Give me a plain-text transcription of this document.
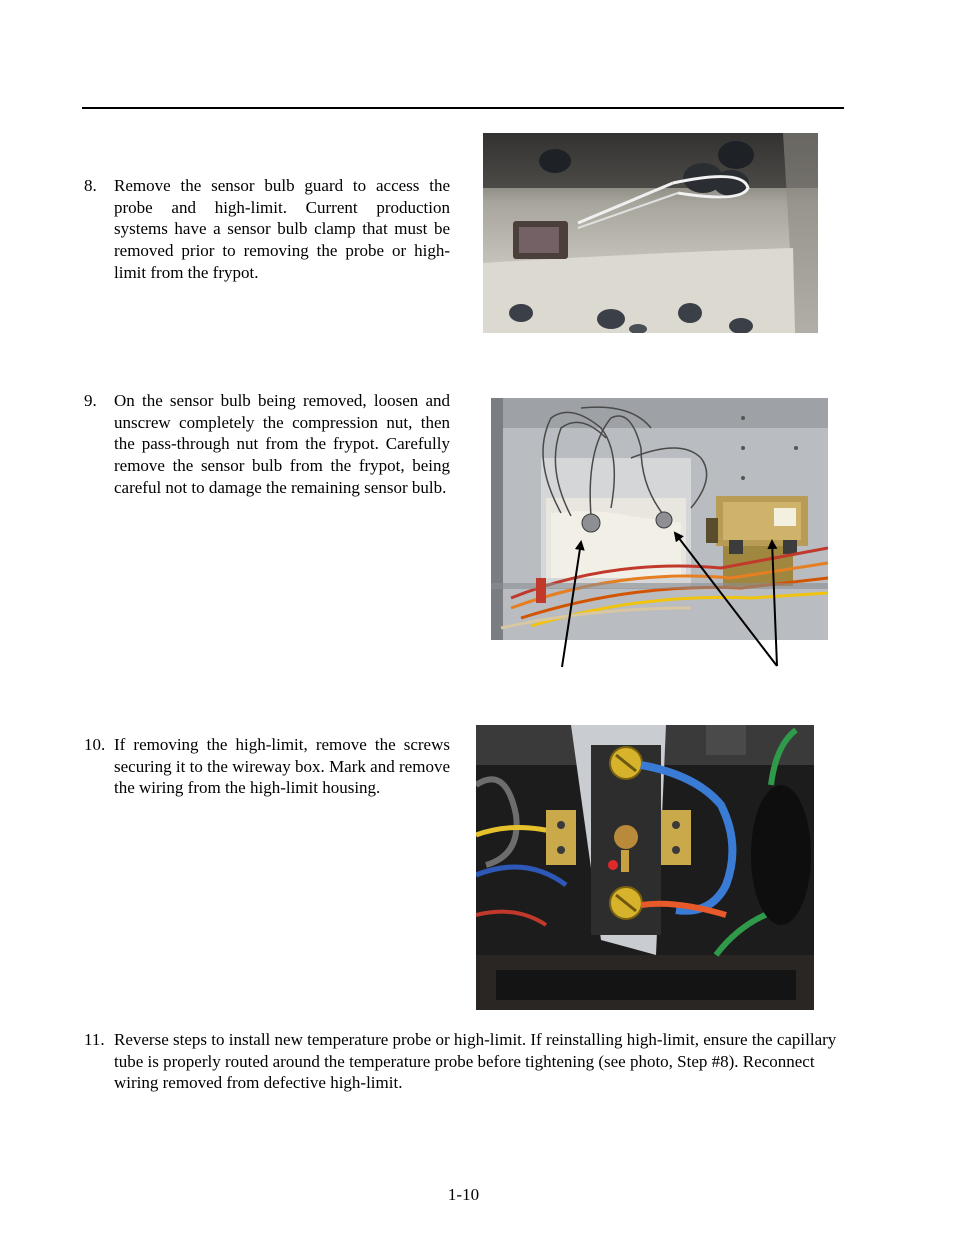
8. Remove the sensor bulb guard to access the probe and high-limit. Current production systems have a sensor bulb clamp that must be removed prior to removing the probe or high-limit from the frypot.
9. On the sensor bulb being removed, loosen and unscrew completely the compression nut, then the pass-through nut from the frypot. Carefully remove the sensor bulb from the frypot, being careful not to damage the remaining sensor bulb.
10. If removing the high-limit, remove the screws securing it to the wireway box. Mark and remove the wiring from the high-limit housing.
11. Reverse steps to install new temperature probe or high-limit. If reinstalling high-limit, ensure the capillary tube is properly routed around the temperature probe before tightening (see photo, Step #8). Reconnect wiring removed from defective high-limit.
1-10
